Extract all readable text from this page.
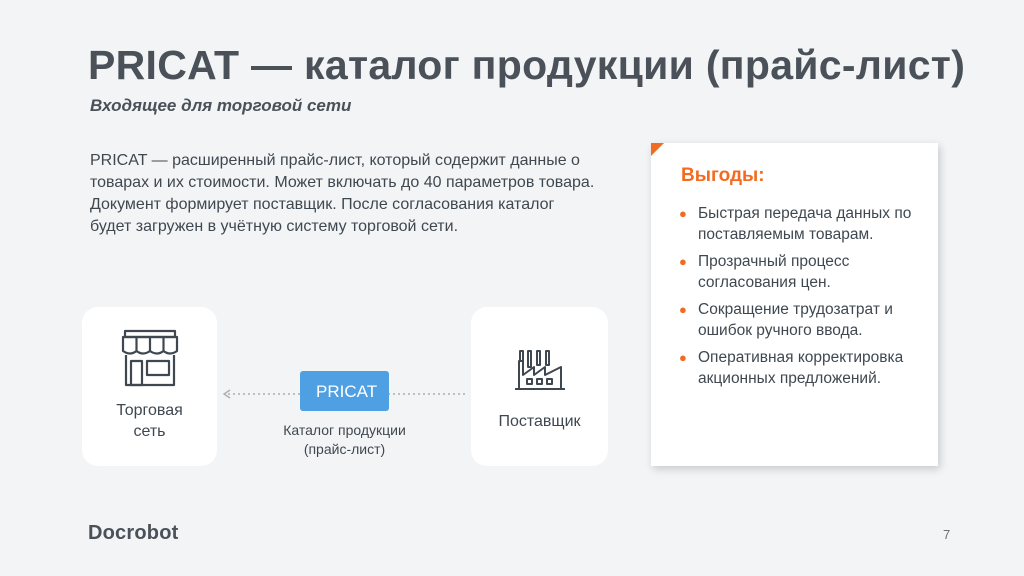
PRICAT — каталог продукции (прайс-лист)
Входящее для торговой сети
PRICAT — расширенный прайс-лист, который содержит данные о товарах и их стоимости. Может включать до 40 параметров товара. Документ формирует поставщик. После согласования каталог будет загружен в учётную систему торговой сети.
Торговая
сеть
PRICAT
Каталог продукции
(прайс-лист)
Поставщик
Выгоды:
● Быстрая передача данных по поставляемым товарам.
● Прозрачный процесс согласования цен.
● Сокращение трудозатрат и ошибок ручного ввода.
● Оперативная корректировка акционных предложений.
Docrobot	7
